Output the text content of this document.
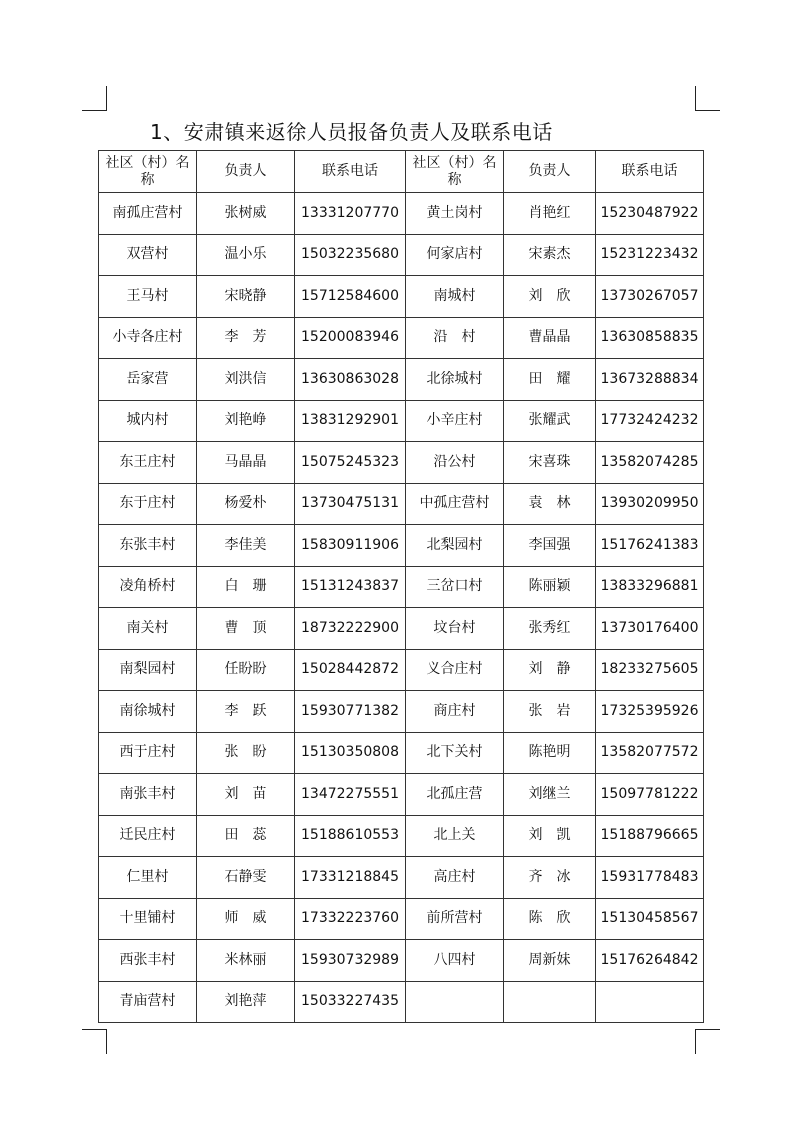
1、安肃镇来返徐人员报备负责人及联系电话
社区（村）名称	负责人	联系电话	社区（村）名称	负责人	联系电话
南孤庄营村	张树威	13331207770	黄土岗村	肖艳红	15230487922
双营村	温小乐	15032235680	何家店村	宋素杰	15231223432
王马村	宋晓静	15712584600	南城村	刘　欣	13730267057
小寺各庄村	李　芳	15200083946	沿　村	曹晶晶	13630858835
岳家营	刘洪信	13630863028	北徐城村	田　耀	13673288834
城内村	刘艳峥	13831292901	小辛庄村	张耀武	17732424232
东王庄村	马晶晶	15075245323	沿公村	宋喜珠	13582074285
东于庄村	杨爱朴	13730475131	中孤庄营村	袁　林	13930209950
东张丰村	李佳美	15830911906	北梨园村	李国强	15176241383
凌角桥村	白　珊	15131243837	三岔口村	陈丽颖	13833296881
南关村	曹　顶	18732222900	坟台村	张秀红	13730176400
南梨园村	任盼盼	15028442872	义合庄村	刘　静	18233275605
南徐城村	李　跃	15930771382	商庄村	张　岩	17325395926
西于庄村	张　盼	15130350808	北下关村	陈艳明	13582077572
南张丰村	刘　苗	13472275551	北孤庄营	刘继兰	15097781222
迁民庄村	田　蕊	15188610553	北上关	刘　凯	15188796665
仁里村	石静雯	17331218845	高庄村	齐　冰	15931778483
十里铺村	师　威	17332223760	前所营村	陈　欣	15130458567
西张丰村	米林丽	15930732989	八四村	周新妹	15176264842
青庙营村	刘艳萍	15033227435			
